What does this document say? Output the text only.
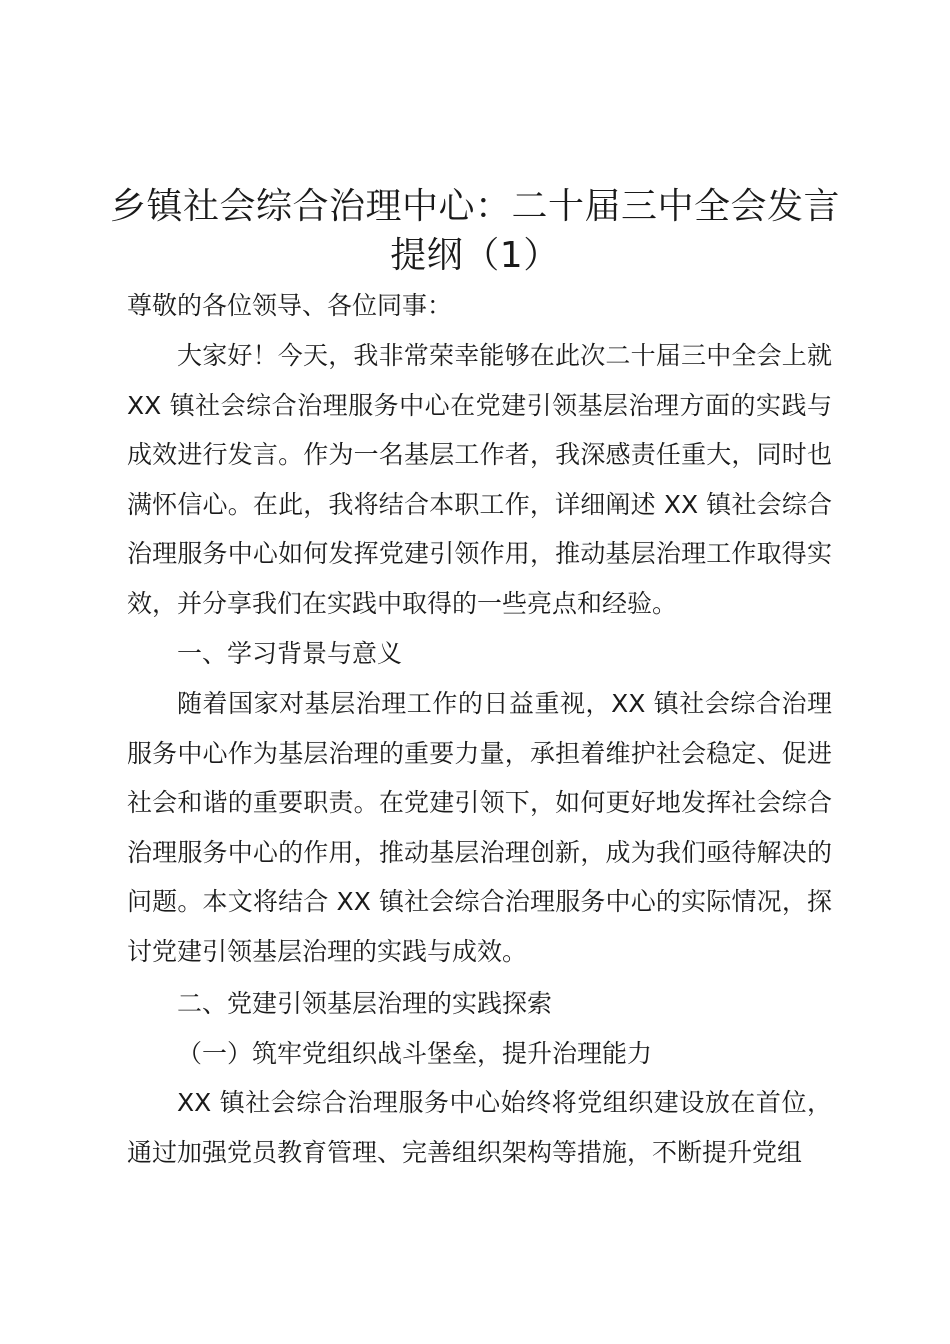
乡镇社会综合治理中心：二十届三中全会发言
提纲（1）

尊敬的各位领导、各位同事：

大家好！今天，我非常荣幸能够在此次二十届三中全会上就 XX 镇社会综合治理服务中心在党建引领基层治理方面的实践与成效进行发言。作为一名基层工作者，我深感责任重大，同时也满怀信心。在此，我将结合本职工作，详细阐述 XX 镇社会综合治理服务中心如何发挥党建引领作用，推动基层治理工作取得实效，并分享我们在实践中取得的一些亮点和经验。

一、学习背景与意义

随着国家对基层治理工作的日益重视，XX 镇社会综合治理服务中心作为基层治理的重要力量，承担着维护社会稳定、促进社会和谐的重要职责。在党建引领下，如何更好地发挥社会综合治理服务中心的作用，推动基层治理创新，成为我们亟待解决的问题。本文将结合 XX 镇社会综合治理服务中心的实际情况，探讨党建引领基层治理的实践与成效。

二、党建引领基层治理的实践探索

（一）筑牢党组织战斗堡垒，提升治理能力

XX 镇社会综合治理服务中心始终将党组织建设放在首位，通过加强党员教育管理、完善组织架构等措施，不断提升党组
